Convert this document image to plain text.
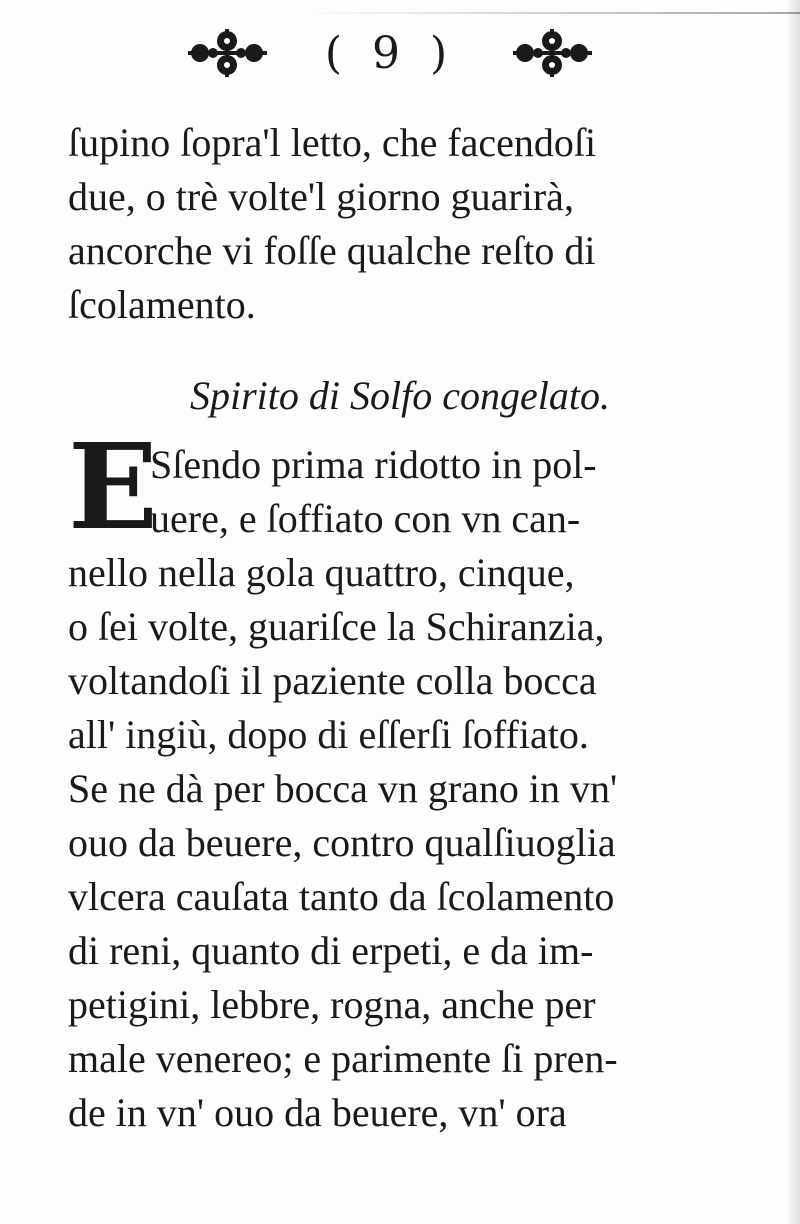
( 9 )

ſupino ſopra'l letto, che facendoſi
due, o trè volte'l giorno guarirà,
ancorche vi foſſe qualche reſto di
ſcolamento.

Spirito di Solfo congelato.
E

Sſendo prima ridotto in pol-
uere, e ſoffiato con vn can-

nello nella gola quattro, cinque,
o ſei volte, guariſce la Schiranzia,
voltandoſi il paziente colla bocca
all' ingiù, dopo di eſſerſi ſoffiato.
Se ne dà per bocca vn grano in vn'
ouo da beuere, contro qualſiuoglia
vlcera cauſata tanto da ſcolamento
di reni, quanto di erpeti, e da im-
petigini, lebbre, rogna, anche per
male venereo; e parimente ſi pren-
de in vn' ouo da beuere, vn' ora
